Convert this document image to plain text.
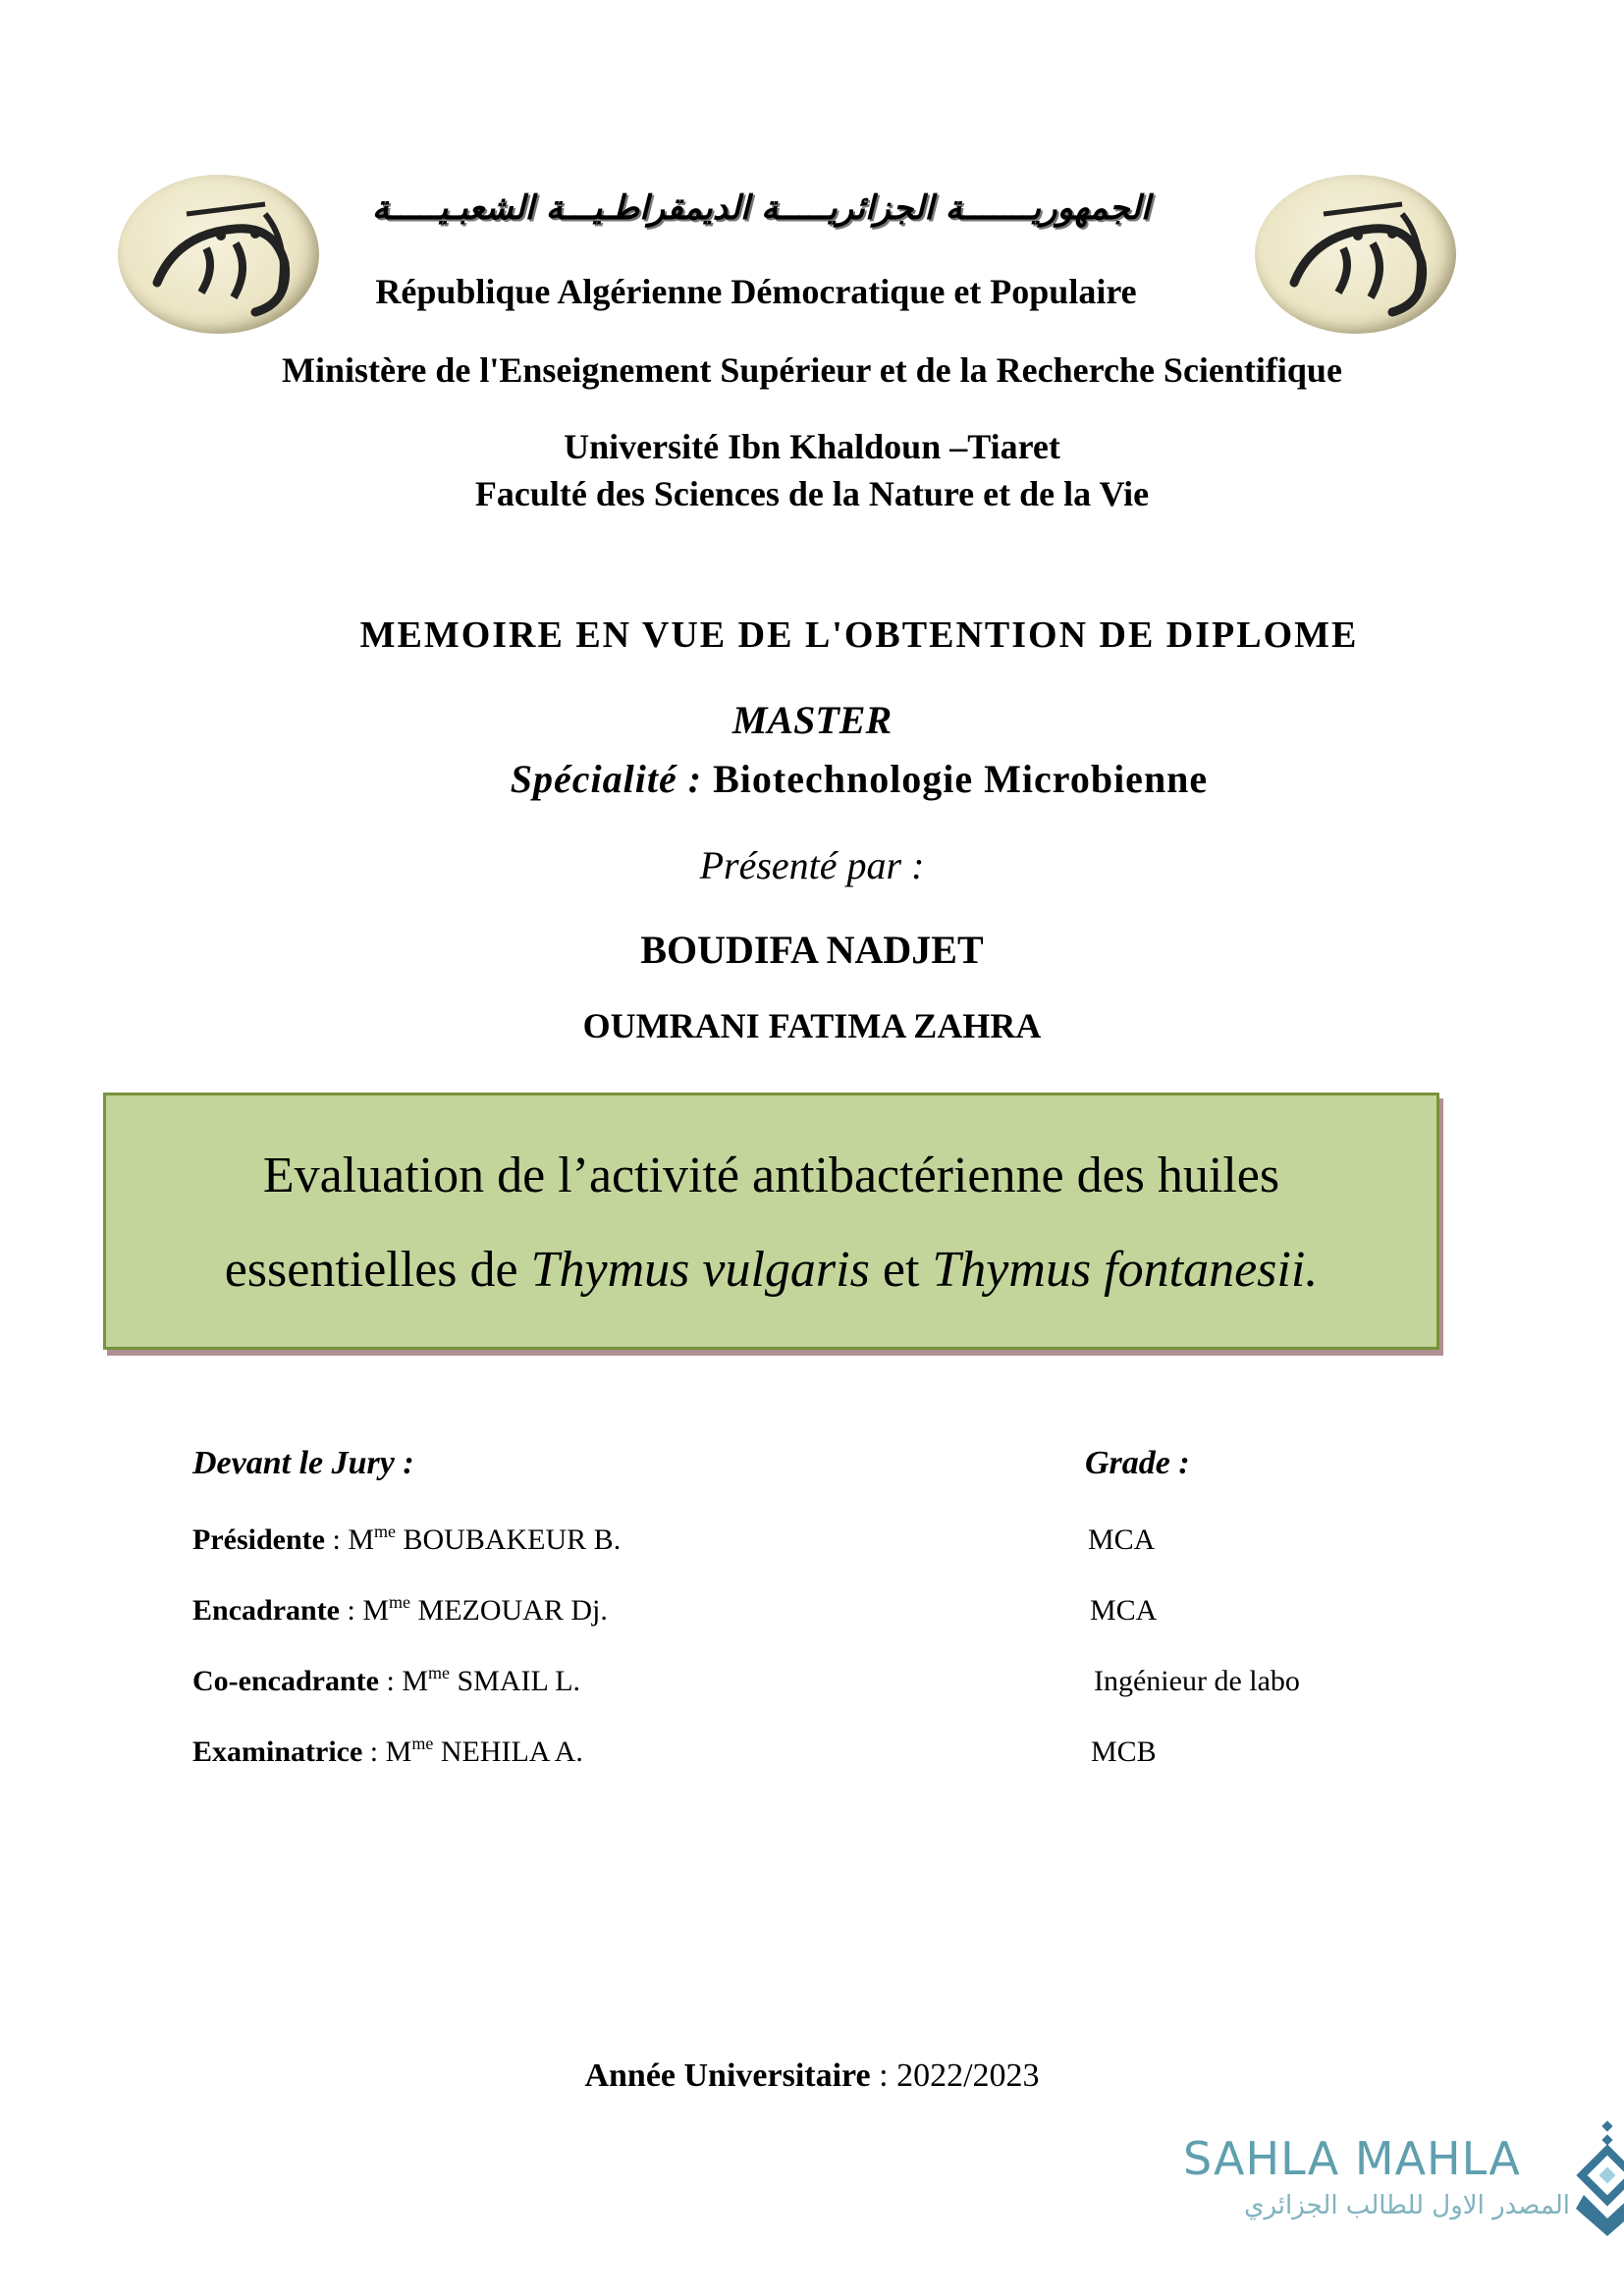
الجمهوريـــــــة الجزائريـــــة الديمقراطـيـــة الشعبـيـــــة
République Algérienne Démocratique et Populaire
Ministère de l'Enseignement Supérieur et de la Recherche Scientifique
Université Ibn Khaldoun –Tiaret
Faculté des Sciences de la Nature et de la Vie
MEMOIRE EN VUE DE L'OBTENTION DE DIPLOME
MASTER
Spécialité : Biotechnologie Microbienne
Présenté par :
BOUDIFA NADJET
OUMRANI FATIMA ZAHRA
Evaluation de l’activité antibactérienne des huiles
essentielles de Thymus vulgaris et Thymus fontanesii.
Devant le Jury :	Grade :
Présidente : $M^{me}$ BOUBAKEUR B.	MCA
Encadrante : $M^{me}$ MEZOUAR Dj.	MCA
Co-encadrante : $M^{me}$ SMAIL L.	Ingénieur de labo
Examinatrice : $M^{me}$ NEHILA A.	MCB
Année Universitaire : 2022/2023
SAHLA MAHLA
المصدر الاول للطالب الجزائري
